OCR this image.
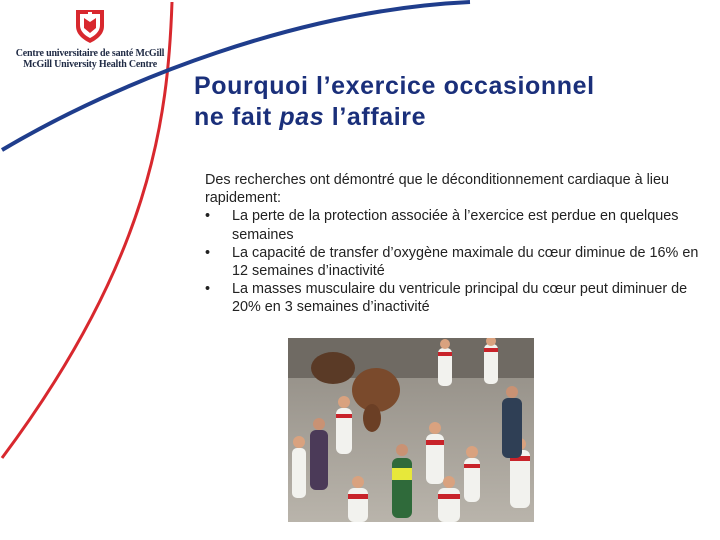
Centre universitaire de santé McGill
McGill University Health Centre
Pourquoi l’exercice occasionnel
ne fait pas l’affaire

Des recherches ont démontré que le déconditionnement cardiaque à lieu rapidement:

•	La perte de la protection associée à l’exercice est perdue en quelques semaines
•	La capacité de transfer d’oxygène maximale du cœur diminue de 16% en 12 semaines d’inactivité
•	La masses musculaire du ventricule principal du cœur peut diminuer de 20% en 3 semaines d’inactivité
